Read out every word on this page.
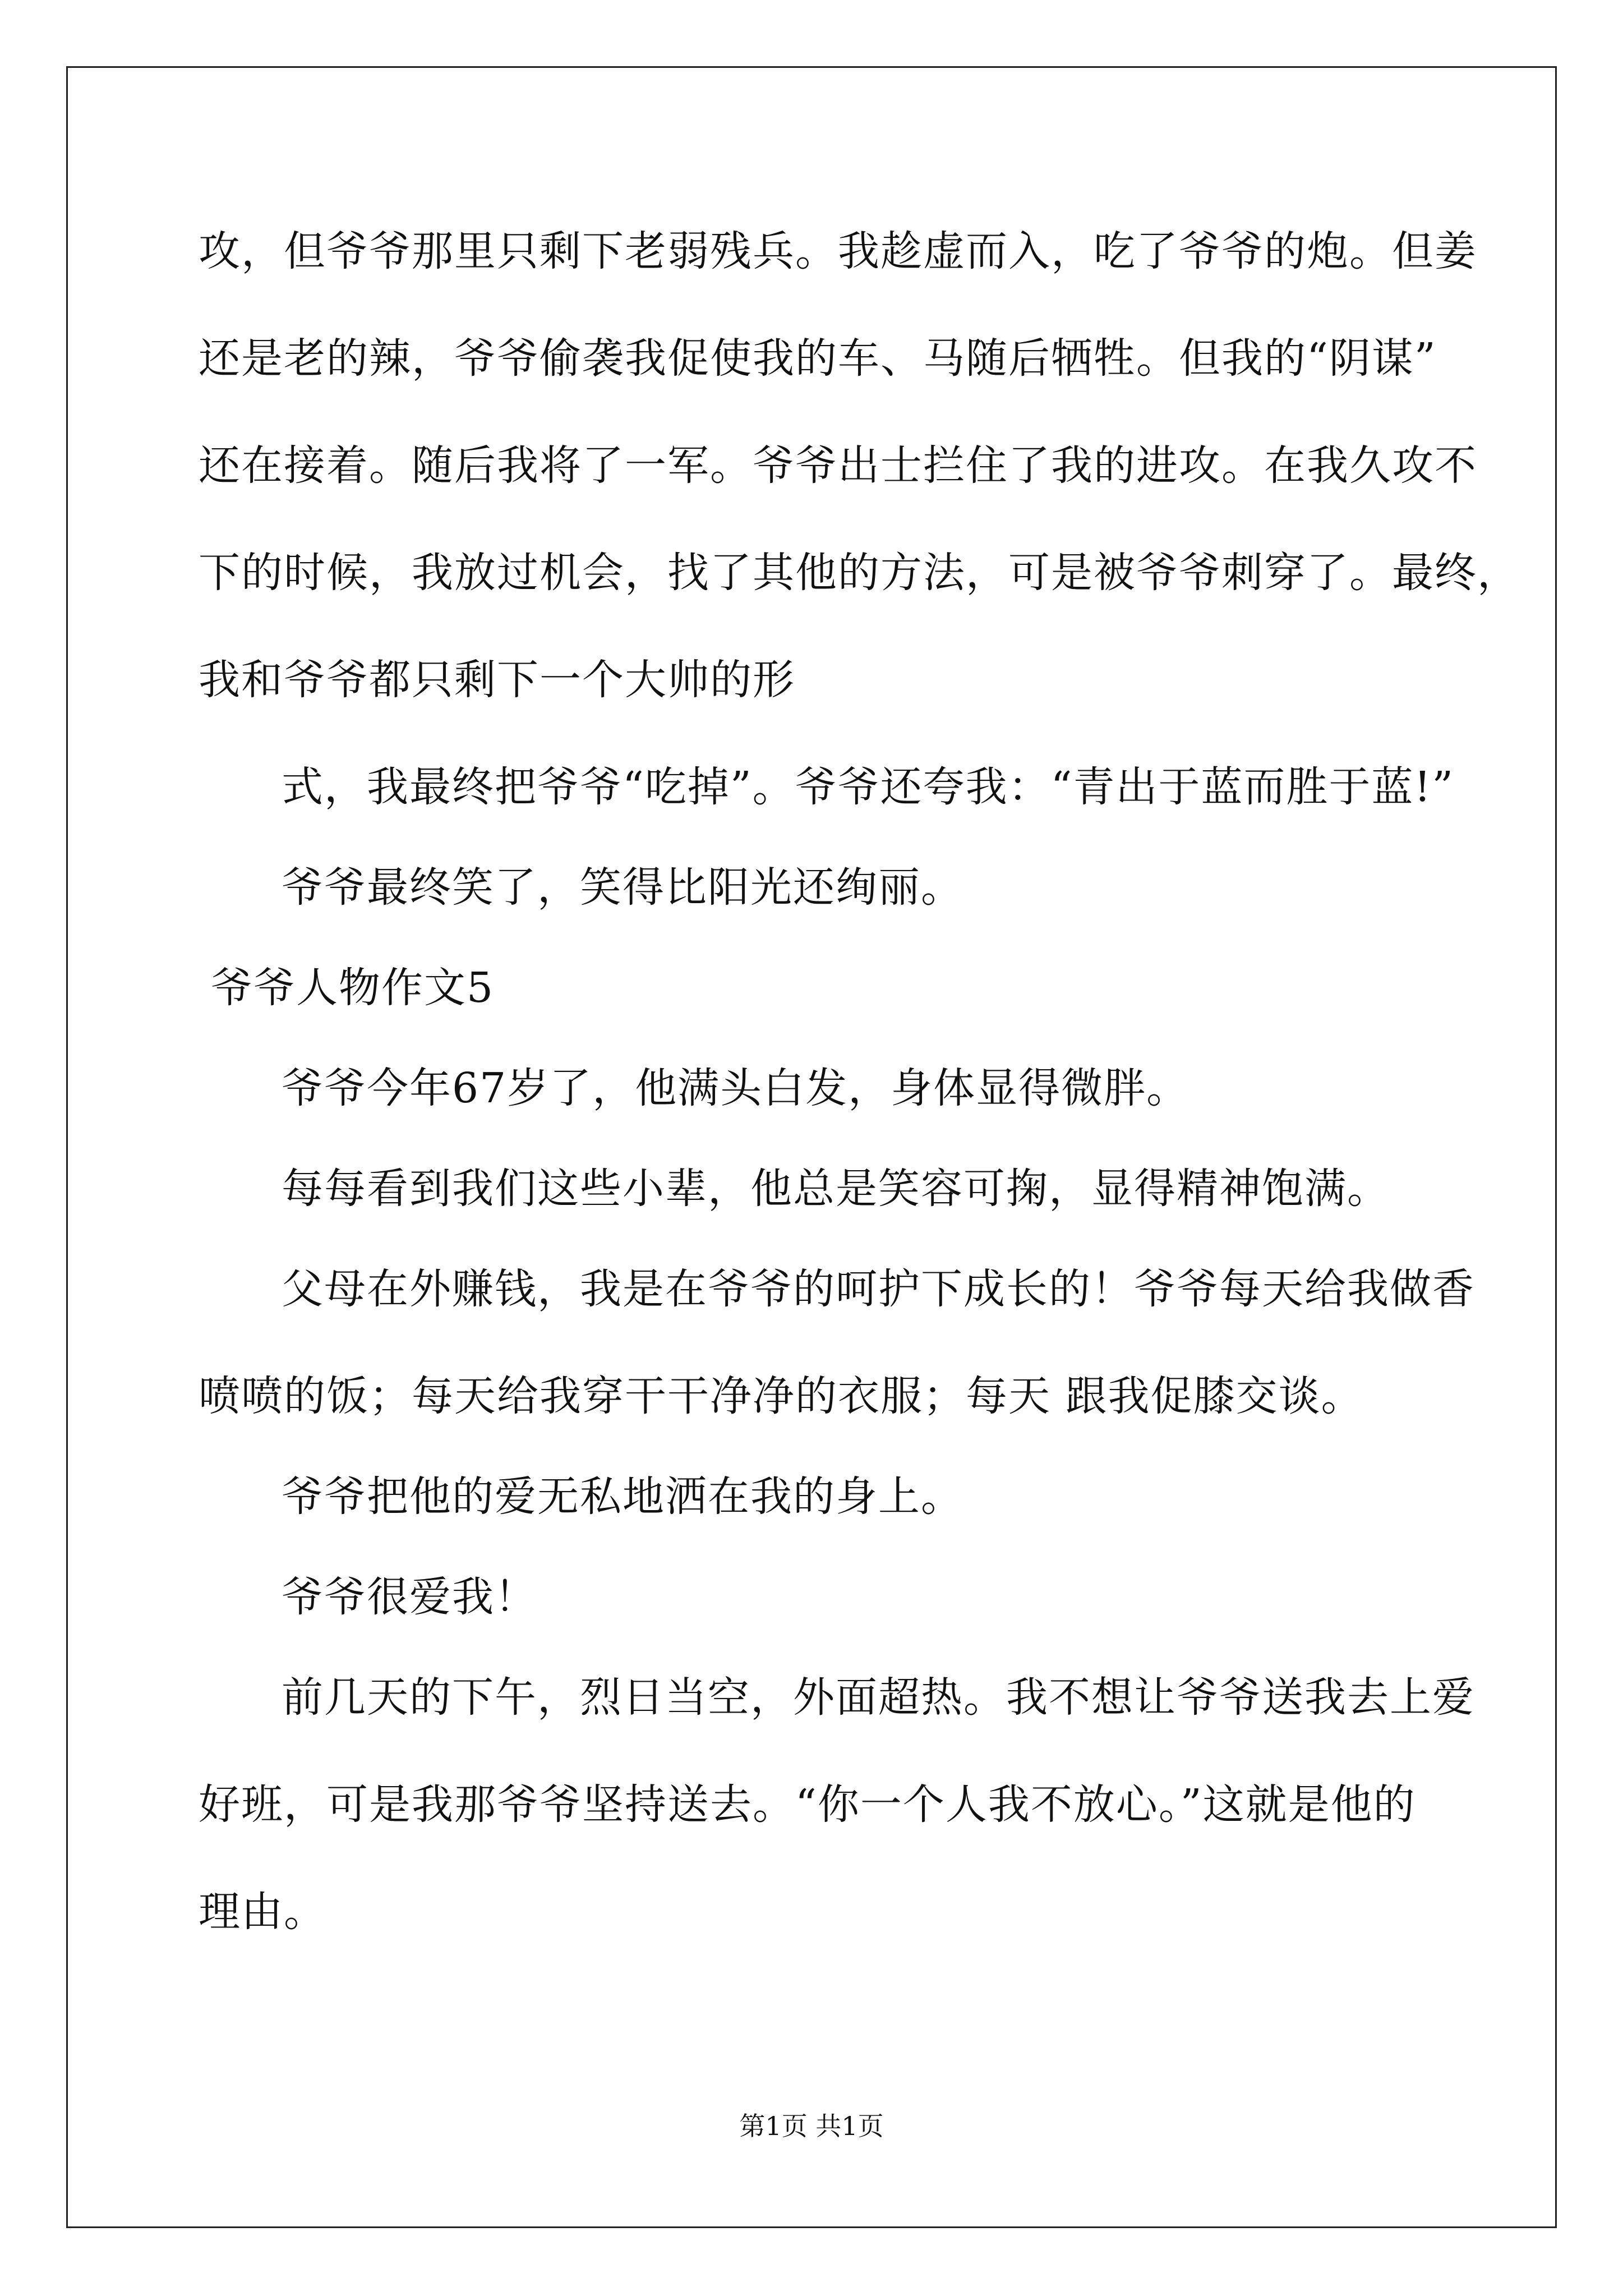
攻，但爷爷那里只剩下老弱残兵。我趁虚而入，吃了爷爷的炮。但姜
还是老的辣，爷爷偷袭我促使我的车、马随后牺牲。但我的“阴谋”
还在接着。随后我将了一军。爷爷出士拦住了我的进攻。在我久攻不
下的时候，我放过机会，找了其他的方法，可是被爷爷刺穿了。最终，
我和爷爷都只剩下一个大帅的形
式，我最终把爷爷“吃掉”。爷爷还夸我：“青出于蓝而胜于蓝!”
爷爷最终笑了，笑得比阳光还绚丽。
爷爷人物作文5
爷爷今年67岁了，他满头白发，身体显得微胖。
每每看到我们这些小辈，他总是笑容可掬，显得精神饱满。
父母在外赚钱，我是在爷爷的呵护下成长的！爷爷每天给我做香
喷喷的饭；每天给我穿干干净净的衣服；每天 跟我促膝交谈。
爷爷把他的爱无私地洒在我的身上。
爷爷很爱我！
前几天的下午，烈日当空，外面超热。我不想让爷爷送我去上爱
好班，可是我那爷爷坚持送去。“你一个人我不放心。”这就是他的
理由。
第1页 共1页
